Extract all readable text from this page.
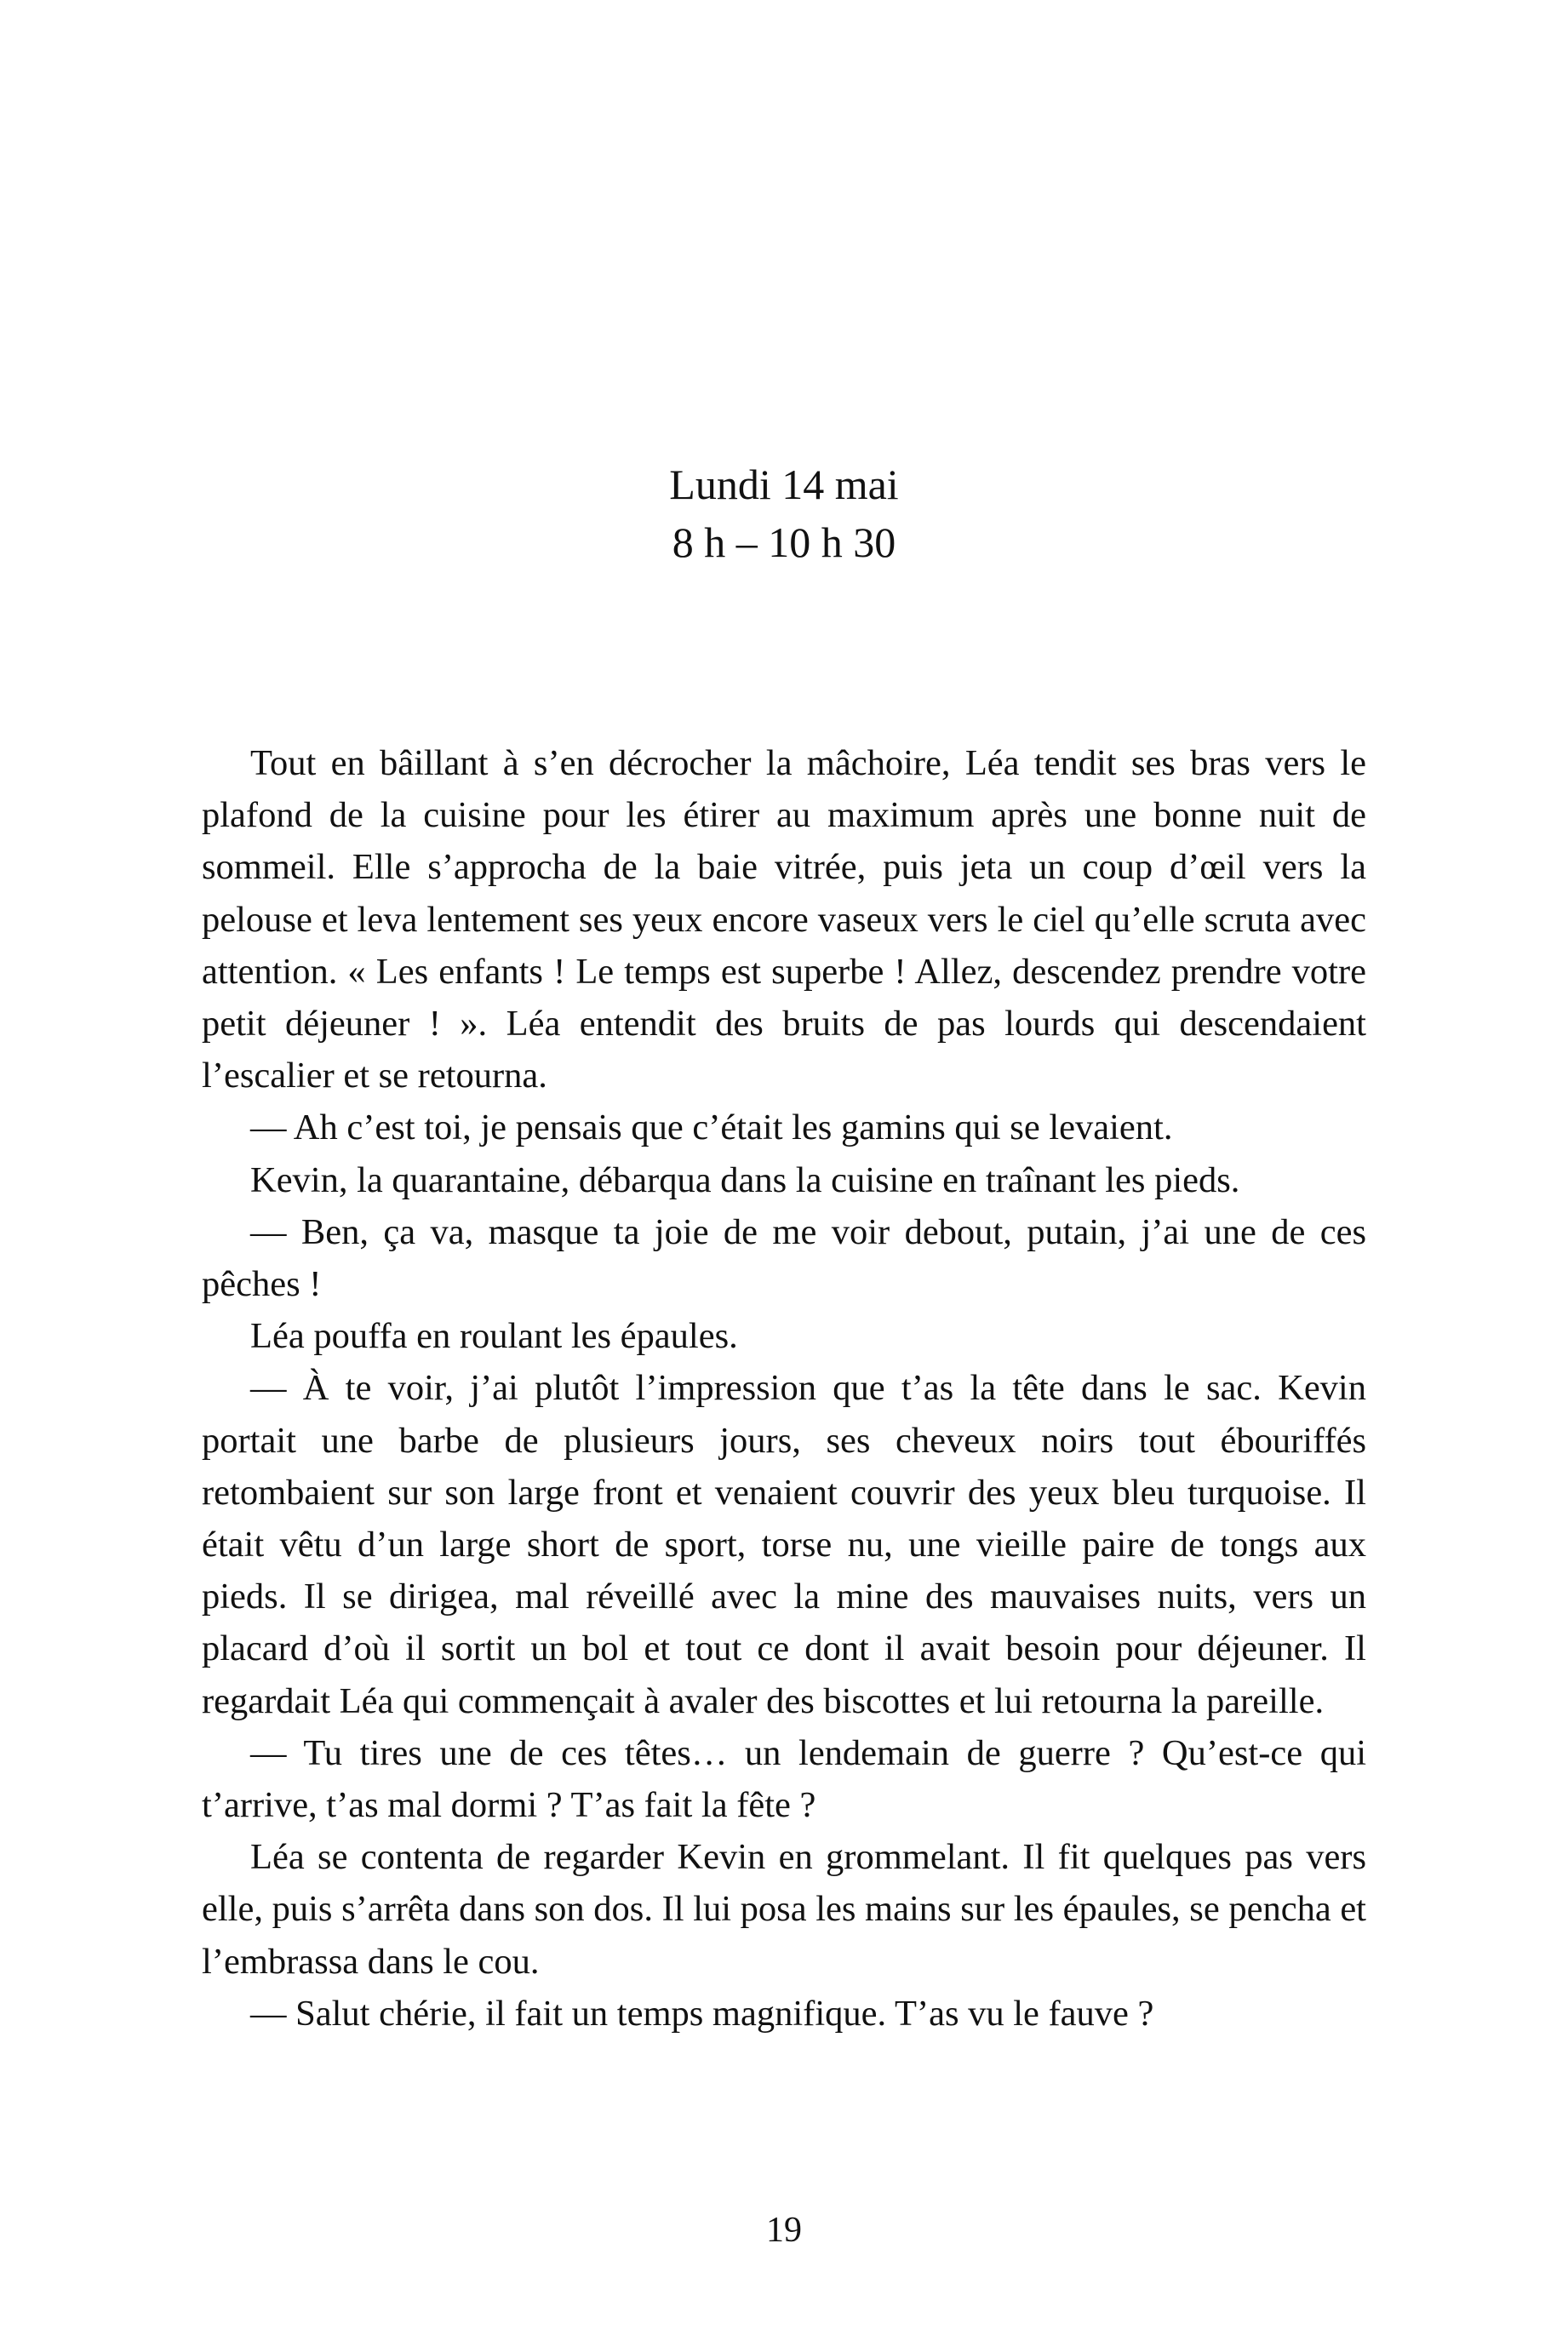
Lundi 14 mai
8 h – 10 h 30

Tout en bâillant à s’en décrocher la mâchoire, Léa tendit ses bras vers le plafond de la cuisine pour les étirer au maximum après une bonne nuit de sommeil. Elle s’approcha de la baie vitrée, puis jeta un coup d’œil vers la pelouse et leva lentement ses yeux encore vaseux vers le ciel qu’elle scruta avec attention. « Les enfants ! Le temps est superbe ! Allez, descendez prendre votre petit déjeuner ! ». Léa entendit des bruits de pas lourds qui descendaient l’escalier et se retourna.

— Ah c’est toi, je pensais que c’était les gamins qui se levaient.

Kevin, la quarantaine, débarqua dans la cuisine en traînant les pieds.

— Ben, ça va, masque ta joie de me voir debout, putain, j’ai une de ces pêches !

Léa pouffa en roulant les épaules.

— À te voir, j’ai plutôt l’impression que t’as la tête dans le sac. Kevin portait une barbe de plusieurs jours, ses cheveux noirs tout ébouriffés retombaient sur son large front et venaient couvrir des yeux bleu turquoise. Il était vêtu d’un large short de sport, torse nu, une vieille paire de tongs aux pieds. Il se dirigea, mal réveillé avec la mine des mauvaises nuits, vers un placard d’où il sortit un bol et tout ce dont il avait besoin pour déjeuner. Il regardait Léa qui commençait à avaler des biscottes et lui retourna la pareille.

— Tu tires une de ces têtes… un lendemain de guerre ? Qu’est-ce qui t’arrive, t’as mal dormi ? T’as fait la fête ?

Léa se contenta de regarder Kevin en grommelant. Il fit quelques pas vers elle, puis s’arrêta dans son dos. Il lui posa les mains sur les épaules, se pencha et l’embrassa dans le cou.

— Salut chérie, il fait un temps magnifique. T’as vu le fauve ?

19
